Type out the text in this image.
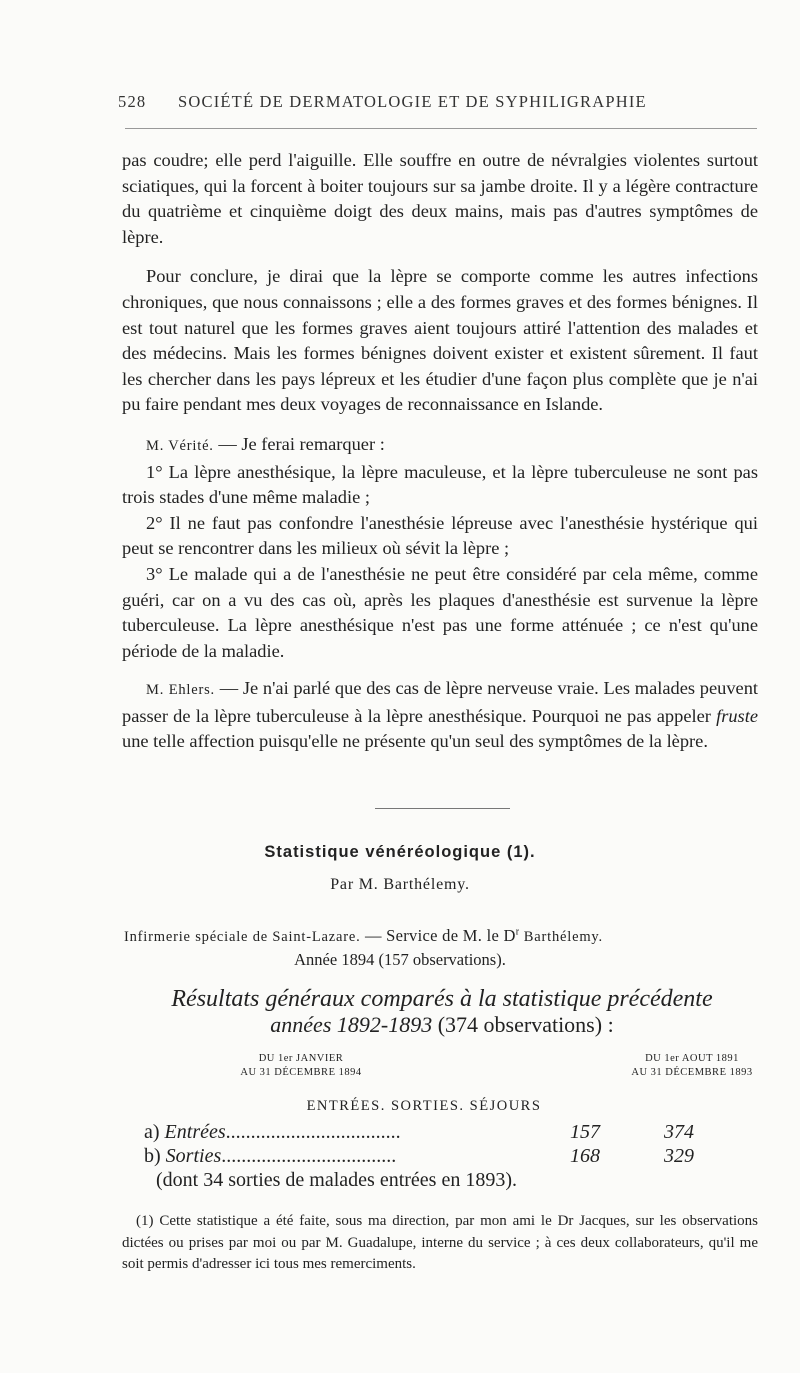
528 SOCIÉTÉ DE DERMATOLOGIE ET DE SYPHILIGRAPHIE

pas coudre; elle perd l'aiguille. Elle souffre en outre de névralgies violentes surtout sciatiques, qui la forcent à boiter toujours sur sa jambe droite. Il y a légère contracture du quatrième et cinquième doigt des deux mains, mais pas d'autres symptômes de lèpre.

Pour conclure, je dirai que la lèpre se comporte comme les autres infections chroniques, que nous connaissons ; elle a des formes graves et des formes bénignes. Il est tout naturel que les formes graves aient toujours attiré l'attention des malades et des médecins. Mais les formes bénignes doivent exister et existent sûrement. Il faut les chercher dans les pays lépreux et les étudier d'une façon plus complète que je n'ai pu faire pendant mes deux voyages de reconnaissance en Islande.

M. Vérité. — Je ferai remarquer :

1° La lèpre anesthésique, la lèpre maculeuse, et la lèpre tuberculeuse ne sont pas trois stades d'une même maladie ;

2° Il ne faut pas confondre l'anesthésie lépreuse avec l'anesthésie hystérique qui peut se rencontrer dans les milieux où sévit la lèpre ;

3° Le malade qui a de l'anesthésie ne peut être considéré par cela même, comme guéri, car on a vu des cas où, après les plaques d'anesthésie est survenue la lèpre tuberculeuse. La lèpre anesthésique n'est pas une forme atténuée ; ce n'est qu'une période de la maladie.

M. Ehlers. — Je n'ai parlé que des cas de lèpre nerveuse vraie. Les malades peuvent passer de la lèpre tuberculeuse à la lèpre anesthésique. Pourquoi ne pas appeler fruste une telle affection puisqu'elle ne présente qu'un seul des symptômes de la lèpre.

Statistique vénéréologique (1).
Par M. Barthélemy.
Infirmerie spéciale de Saint-Lazare. — Service de M. le $D^r$ Barthélemy.
Année 1894 (157 observations).
Résultats généraux comparés à la statistique précédente
années 1892-1893 (374 observations) :
DU 1er JANVIER
AU 31 DÉCEMBRE 1894
DU 1er AOUT 1891
AU 31 DÉCEMBRE 1893
ENTRÉES. SORTIES. SÉJOURS
a) Entrées...................................	157	374
b) Sorties...................................	168	329
(dont 34 sorties de malades entrées en 1893).

(1) Cette statistique a été faite, sous ma direction, par mon ami le Dr Jacques, sur les observations dictées ou prises par moi ou par M. Guadalupe, interne du service ; à ces deux collaborateurs, qu'il me soit permis d'adresser ici tous mes remerciments.
